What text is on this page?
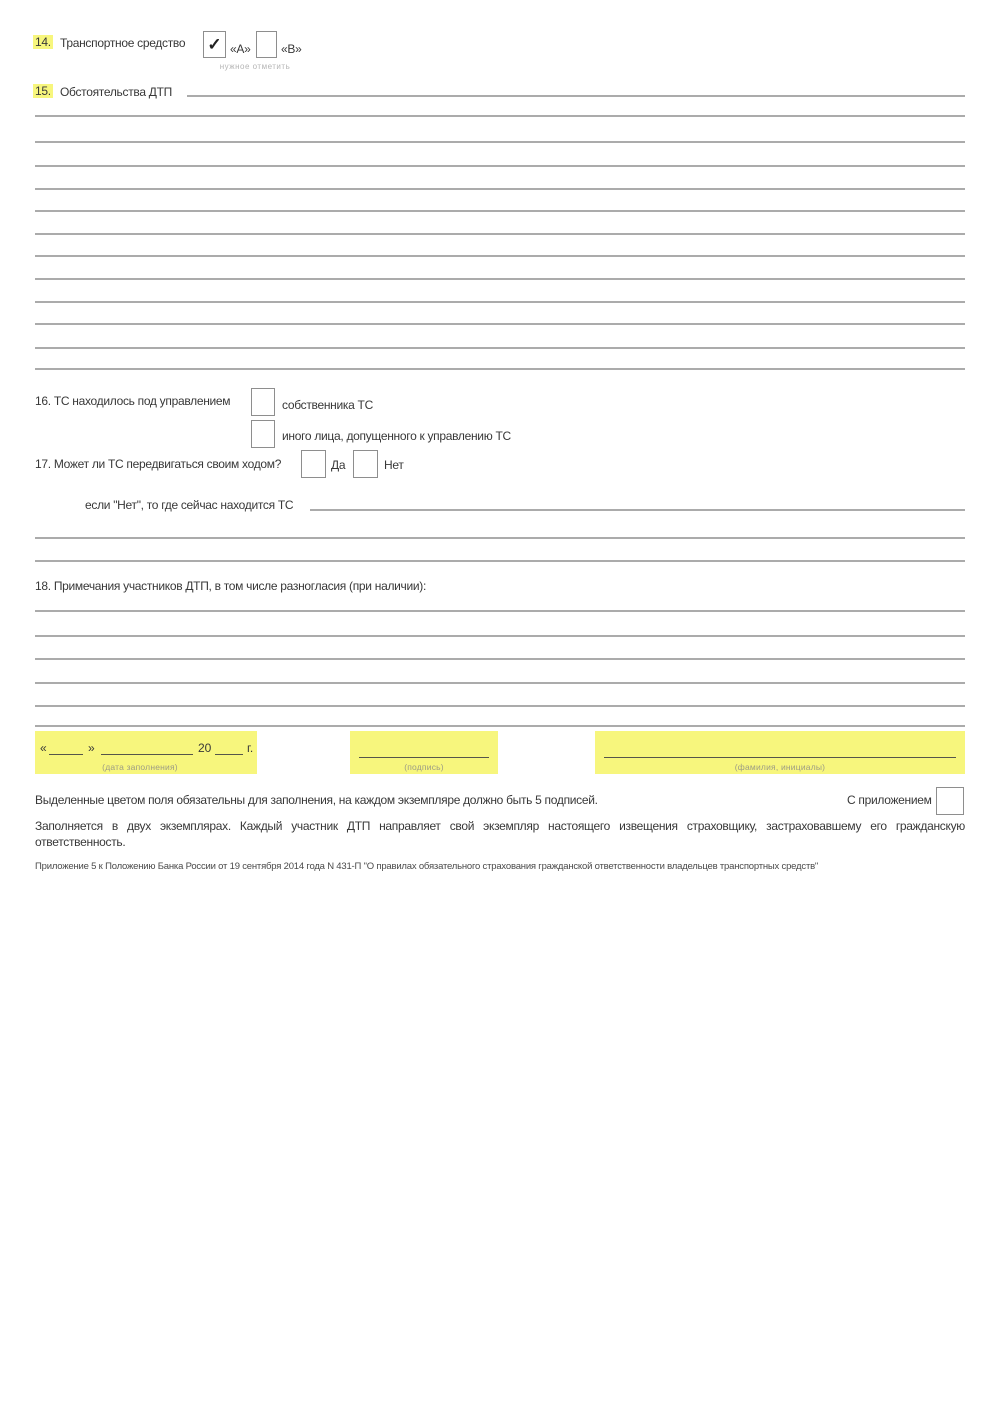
14. Транспортное средство ✓ «А»	«В»
нужное отметить
15. Обстоятельства ДТП
16. ТС находилось под управлением	собственника ТС
иного лица, допущенного к управлению ТС
17. Может ли ТС передвигаться своим ходом?	Да	Нет
если "Нет", то где сейчас находится ТС
18. Примечания участников ДТП, в том числе разногласия (при наличии):
«	»	20	г.
(дата заполнения)	(подпись)	(фамилия, инициалы)
Выделенные цветом поля обязательны для заполнения, на каждом экземпляре должно быть 5 подписей.	С приложением
Заполняется в двух экземплярах. Каждый участник ДТП направляет свой экземпляр настоящего извещения страховщику, застраховавшему его гражданскую ответственность.
Приложение 5 к Положению Банка России от 19 сентября 2014 года N 431-П "О правилах обязательного страхования гражданской ответственности владельцев транспортных средств"
